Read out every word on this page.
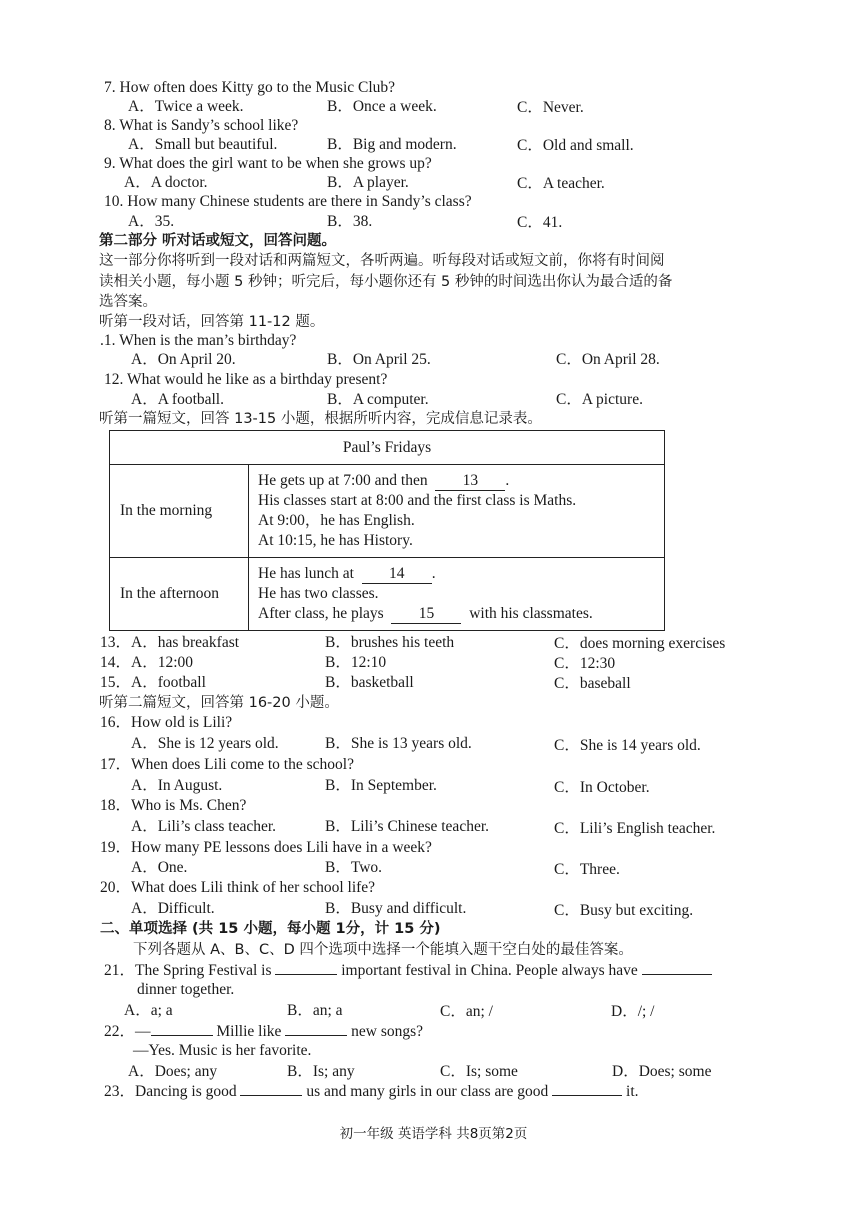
7. How often does Kitty go to the Music Club?
A．Twice a week.	B．Once a week.	C．Never.
8. What is Sandy’s school like?
A．Small but beautiful.	B．Big and modern.	C．Old and small.
9. What does the girl want to be when she grows up?
A．A doctor.	B．A player.	C．A teacher.
10. How many Chinese students are there in Sandy’s class?
A．35.	B．38.	C．41.
第二部分 听对话或短文，回答问题。
这一部分你将听到一段对话和两篇短文，各听两遍。听每段对话或短文前，你将有时间阅
读相关小题，每小题 5 秒钟；听完后，每小题你还有 5 秒钟的时间选出你认为最合适的备
选答案。
听第一段对话，回答第 11-12 题。
.1. When is the man’s birthday?
A．On April 20.	B．On April 25.	C．On April 28.
12. What would he like as a birthday present?
A．A football.	B．A computer.	C．A picture.
听第一篇短文，回答 13-15 小题，根据所听内容，完成信息记录表。
Paul’s Fridays	
In the morning	He gets up at 7:00 and then 13 .
His classes start at 8:00 and the first class is Maths.
At 9:00，he has English.
At 10:15, he has History.

In the afternoon	He has lunch at 14 .
He has two classes.
After class, he plays 15 with his classmates.
13．A．has breakfast	B．brushes his teeth	C．does morning exercises
14．A．12:00	B．12:10	C．12:30
15．A．football	B．basketball	C．baseball
听第二篇短文，回答第 16-20 小题。
16．How old is Lili?
A．She is 12 years old.	B．She is 13 years old.	C．She is 14 years old.
17．When does Lili come to the school?
A．In August.	B．In September.	C．In October.
18．Who is Ms. Chen?
A．Lili’s class teacher.	B．Lili’s Chinese teacher.	C．Lili’s English teacher.
19．How many PE lessons does Lili have in a week?
A．One.	B．Two.	C．Three.
20．What does Lili think of her school life?
A．Difficult.	B．Busy and difficult.	C．Busy but exciting.
二、单项选择 (共 15 小题，每小题 1分，计 15 分)
下列各题从 A、B、C、D 四个选项中选择一个能填入题干空白处的最佳答案。
21．The Spring Festival is	important festival in China. People always have
dinner together.
A．a; a	B．an; a	C．an; /	D．/; /
22．—	Millie like	new songs?
—Yes. Music is her favorite.
A．Does; any	B．Is; any	C．Is; some	D．Does; some
23．Dancing is good	us and many girls in our class are good	it.
初一年级 英语学科 共8页第2页
